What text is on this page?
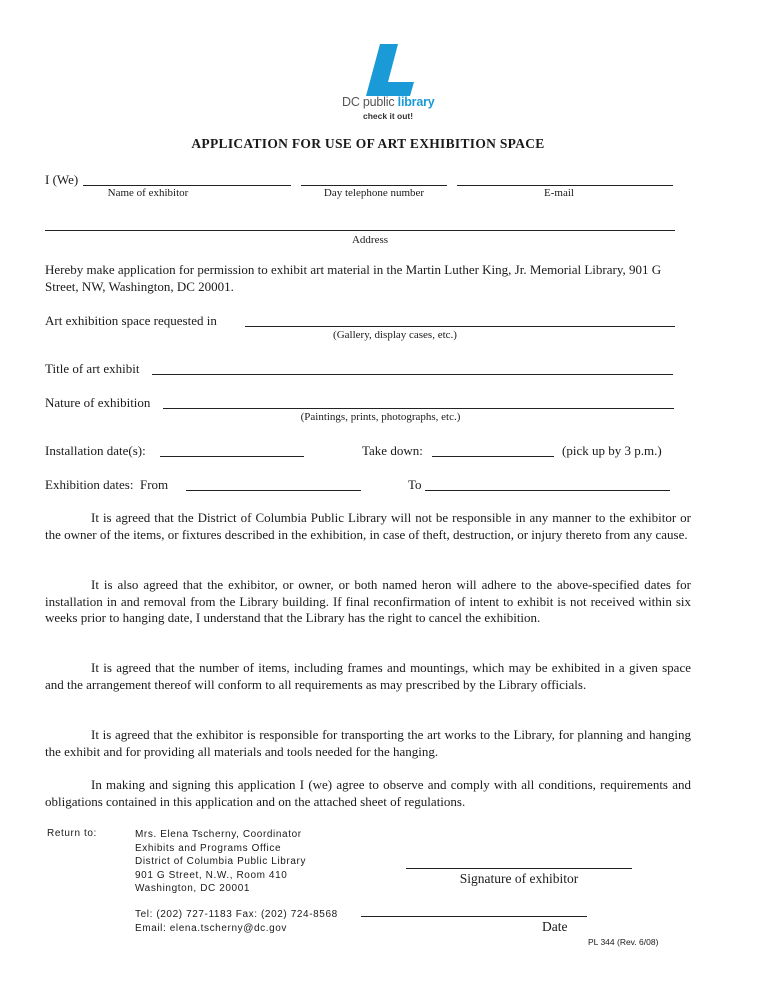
DC public library
check it out!
APPLICATION FOR USE OF ART EXHIBITION SPACE
I (We)
Name of exhibitor	Day telephone number	E-mail
Address
Hereby make application for permission to exhibit art material in the Martin Luther King, Jr. Memorial Library, 901 G Street, NW, Washington, DC 20001.
Art exhibition space requested in
(Gallery, display cases, etc.)
Title of art exhibit
Nature of exhibition
(Paintings, prints, photographs, etc.)
Installation date(s):	Take down:	(pick up by 3 p.m.)
Exhibition dates:  From	To
It is agreed that the District of Columbia Public Library will not be responsible in any manner to the exhibitor or the owner of the items, or fixtures described in the exhibition, in case of theft, destruction, or injury thereto from any cause.
It is also agreed that the exhibitor, or owner, or both named heron will adhere to the above-specified dates for installation in and removal from the Library building. If final reconfirmation of intent to exhibit is not received within six weeks prior to hanging date, I understand that the Library has the right to cancel the exhibition.
It is agreed that the number of items, including frames and mountings, which may be exhibited in a given space and the arrangement thereof will conform to all requirements as may prescribed by the Library officials.
It is agreed that the exhibitor is responsible for transporting the art works to the Library, for planning and hanging the exhibit and for providing all materials and tools needed for the hanging.
In making and signing this application I (we) agree to observe and comply with all conditions, requirements and obligations contained in this application and on the attached sheet of regulations.
Return to:	Mrs. Elena Tscherny, Coordinator
Exhibits and Programs Office
District of Columbia Public Library
901 G Street, N.W., Room 410
Washington, DC 20001
Tel: (202) 727-1183 Fax: (202) 724-8568
Email: elena.tscherny@dc.gov
Signature of exhibitor
Date
PL 344 (Rev. 6/08)
